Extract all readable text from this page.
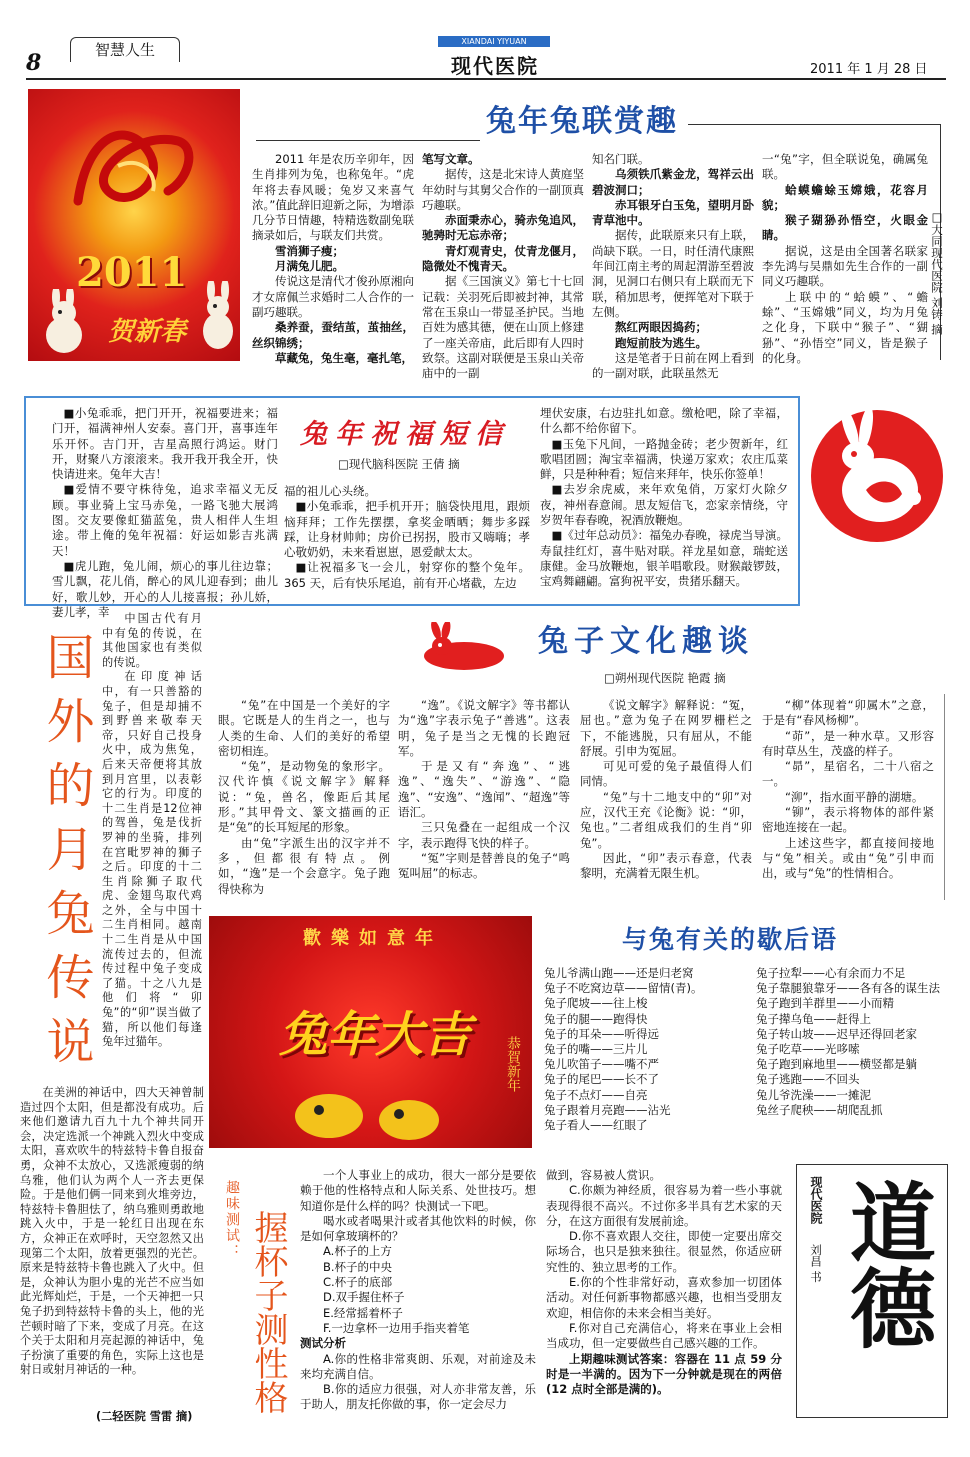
8	智慧人生	XIANDAI YIYUAN
现代医院	2011 年 1 月 28 日
2011
贺新春
兔年兔联赏趣

2011 年是农历辛卯年，因生肖排列为兔，也称兔年。“虎年将去春风暖；兔岁又来喜气浓。”值此辞旧迎新之际，为增添几分节日情趣，特精选数副兔联摘录如后，与联友们共赏。

雪消狮子瘦；

月满兔儿肥。

传说这是清代才俊孙原湘向才女席佩兰求婚时二人合作的一副巧趣联。

桑养蚕，蚕结茧，茧抽丝，丝织锦绣；

草藏兔，兔生毫，毫扎笔，

笔写文章。

据传，这是北宋诗人黄庭坚年幼时与其舅父合作的一副顶真巧趣联。

赤面秉赤心，骑赤兔追风，驰骋时无忘赤帝；

青灯观青史，仗青龙偃月，隐微处不愧青天。

据《三国演义》第七十七回记载：关羽死后即被封神，其常常在玉泉山一带显圣护民。当地百姓为感其德，便在山顶上修建了一座关帝庙，此后即有人四时致祭。这副对联便是玉泉山关帝庙中的一副

知名门联。

乌须铁爪紫金龙，驾祥云出碧波洞口；

赤耳银牙白玉兔，望明月卧青草池中。

据传，此联原来只有上联，尚缺下联。一日，时任清代康熙年间江南主考的周起渭游至碧波洞，见洞口右侧只有上联而无下联，稍加思考，便挥笔对下联于左侧。

熬红两眼因捣药；

跑短前肢为逃生。

这是笔者于日前在网上看到的一副对联，此联虽然无

一“兔”字，但全联说兔，确属兔联。

蛤蟆蟾蜍玉嫦娥，花容月貌；

猴子猢狲孙悟空，火眼金睛。

据说，这是由全国著名联家李先鸿与吴鼎如先生合作的一副同义巧趣联。

上联中的“蛤蟆”、“蟾蜍”、“玉嫦娥”同义，均为月兔之化身，下联中“猴子”、“猢狲”、“孙悟空”同义，皆是猴子的化身。

□大同现代医院 刘铸 摘

■小兔乖乖，把门开开，祝福要进来；福门开，福满神州人安泰。喜门开，喜事连年乐开怀。吉门开，吉星高照行鸿运。财门开，财聚八方滚滚来。我开我开我全开，快快请进来。兔年大吉！

■爱情不要守株待兔，追求幸福义无反顾。事业骑上宝马赤兔，一路飞驰大展鸿图。交友要像虹猫蓝兔，贵人相伴人生坦途。带上俺的兔年祝福：好运如影吉兆满天！

■虎儿跑，兔儿闹，烦心的事儿往边靠；雪儿飘，花儿俏，醉心的风儿迎春到；曲儿好，歌儿妙，开心的人儿接喜报；孙儿娇，妻儿孝，幸

兔年祝福短信
□现代脑科医院 王倩 摘

福的祖儿心头绕。

■小兔乖乖，把手机开开；脑袋快甩甩，跟烦恼拜拜；工作先摆摆，拿奖金晒晒；舞步多踩踩，让身材帅帅；房价已拐拐，股市又嗨嗨；孝心敬奶奶，未来看崽崽，恩爱献太太。

■让祝福多飞一会儿，射穿你的整个兔年。365 天，后有快乐尾追，前有开心堵截，左边

埋伏安康，右边驻扎如意。缴枪吧，除了幸福，什么都不给你留下。

■玉兔下凡间，一路抛金砖；老少贺新年，红歌唱团圆；淘宝幸福满，快递万家欢；农庄瓜菜鲜，只是种种看；短信来拜年，快乐你签单！

■去岁余虎威，来年欢兔俏，万家灯火除夕夜，神州春意闹。思友短信飞，恋家亲情绕，守岁贺年春春晚，祝酒放鞭炮。

■《过年总动员》：福兔办春晚，禄虎当导演。寿鼠挂红灯，喜牛贴对联。祥龙星如意，瑞蛇送康健。金马放鞭炮，银羊唱歌段。财猴敲锣鼓，宝鸡舞翩翩。富狗祝平安，贵猪乐翻天。

国外的月兔传说

中国古代有月中有兔的传说，在其他国家也有类似的传说。

在印度神话中，有一只善豁的兔子，但是却捕不到野兽来敬奉天帝，只好自己投身火中，成为焦兔，后来天帝便将其放到月宫里，以表彰它的行为。印度的十二生肖是12位神的驾兽，兔是伐折罗神的坐骑，排列在宫毗罗神的狮子之后。印度的十二生肖除狮子取代虎、金翅鸟取代鸡之外，全与中国十二生肖相同。越南十二生肖是从中国流传过去的，但流传过程中兔子变成了猫。十之八九是他们将“卯兔”的“卯”误当做了猫，所以他们每逢兔年过猫年。

在美洲的神话中，四大天神曾制造过四个太阳，但是都没有成功。后来他们邀请九百九十九个神共同开会，决定选派一个神跳入烈火中变成太阳，喜欢吹牛的特兹特卡鲁自报奋勇，众神不太放心，又选派瘦弱的纳乌雅，他们认为两个人一齐去更保险。于是他们俩一同来到火堆旁边，特兹特卡鲁胆怯了，纳乌雅则勇敢地跳入火中，于是一轮红日出现在东方，众神正在欢呼时，天空忽然又出现第二个太阳，放着更强烈的光芒。原来是特兹特卡鲁也跳入了火中。但是，众神认为胆小鬼的光芒不应当如此光辉灿烂，于是，一个天神把一只兔子扔到特兹特卡鲁的头上，他的光芒顿时暗了下来，变成了月亮。在这个关于太阳和月亮起源的神话中，兔子扮演了重要的角色，实际上这也是射日或射月神话的一种。

(二轻医院 雪雷 摘)
兔子文化趣谈
□朔州现代医院 艳霞 摘

“兔”在中国是一个美好的字眼。它既是人的生肖之一，也与人类的生命、人们的美好的希望密切相连。

“兔”，是动物兔的象形字。汉代许慎《说文解字》解释说：“兔，兽名，像距后其尾形。”其甲骨文、篆文描画的正是“兔”的长耳短尾的形象。

由“兔”字派生出的汉字并不多，但都很有特点。例如，“逸”是一个会意字。兔子跑得快称为

“逸”。《说文解字》等书都认为“逸”字表示兔子“善逃”。这表明，兔子是当之无愧的长跑冠军。

于是又有“奔逸”、“逃逸”、“逸失”、“游逸”、“隐逸”、“安逸”、“逸闻”、“超逸”等语汇。

三只兔叠在一起组成一个汉字，表示跑得飞快的样子。

“冤”字则是替善良的兔子“鸣冤叫屈”的标志。

《说文解字》解释说：“冤，屈也。”意为兔子在网罗栅栏之下，不能逃脱，只有屈从，不能舒展。引申为冤屈。

可见可爱的兔子最值得人们同情。

“兔”与十二地支中的“卯”对应，汉代王充《论衡》说：“卯，兔也。”二者组成我们的生肖“卯兔”。

因此，“卯”表示春意，代表黎明，充满着无限生机。

“柳”体现着“卯属木”之意，于是有“春风杨柳”。

“茆”，是一种水草。又形容有时草丛生，茂盛的样子。

“昴”，星宿名，二十八宿之一。

“泖”，指水面平静的湖塘。

“铆”，表示将物体的部件紧密地连接在一起。

上述这些字，都直接间接地与“兔”相关。或由“兔”引申而出，或与“兔”的性情相合。

歡樂如意年
兔年大吉
恭賀新年
与兔有关的歇后语
兔儿爷满山跑——还是归老窝
兔子不吃窝边草——留情(青)。
兔子爬坡——往上梭
兔子的腿——跑得快
兔子的耳朵——听得远
兔子的嘴——三片儿
兔儿吹笛子——嘴不严
兔子的尾巴——长不了
兔子不点灯——自亮
兔子跟着月亮跑——沾光
兔子看人——红眼了
兔子拉犁——心有余而力不足
兔子靠腿狼靠牙——各有各的谋生法
兔子跑到羊群里——小而精
兔子撵乌龟——赶得上
兔子转山坡——迟早还得回老家
兔子吃草——光哆嗦
兔子跑到麻地里——横竖都是躺
兔子逃跑——不回头
兔儿爷洗澡——一摊泥
兔丝子爬秧——胡爬乱抓
趣味测试： 握杯子测性格

一个人事业上的成功，很大一部分是要依赖于他的性格特点和人际关系、处世技巧。想知道你是什么样的吗？快测试一下吧。

喝水或者喝果汁或者其他饮料的时候，你是如何拿玻璃杯的？

A.杯子的上方

B.杯子的中央

C.杯子的底部

D.双手握住杯子

E.经常摇着杯子

F.一边拿杯一边用手指夹着笔

测试分析

A.你的性格非常爽朗、乐观，对前途及未来均充满自信。

B.你的适应力很强，对人亦非常友善，乐于助人，朋友托你做的事，你一定会尽力

做到，容易被人赏识。

C.你颇为神经质，很容易为着一些小事就表现得很不高兴。不过你多半具有艺术家的天分，在这方面很有发展前途。

D.你不喜欢跟人交往，即使一定要出席交际场合，也只是独来独往。很显然，你适应研究性的、独立思考的工作。

E.你的个性非常好动，喜欢参加一切团体活动。对任何新事物都感兴趣，也相当受朋友欢迎，相信你的未来会相当美好。

F.你对自己充满信心，将来在事业上会相当成功，但一定要做些自己感兴趣的工作。

上期趣味测试答案：容器在 11 点 59 分时是一半满的。因为下一分钟就是现在的两倍(12 点时全部是满的)。

现代医院
刘昌 书 道德
